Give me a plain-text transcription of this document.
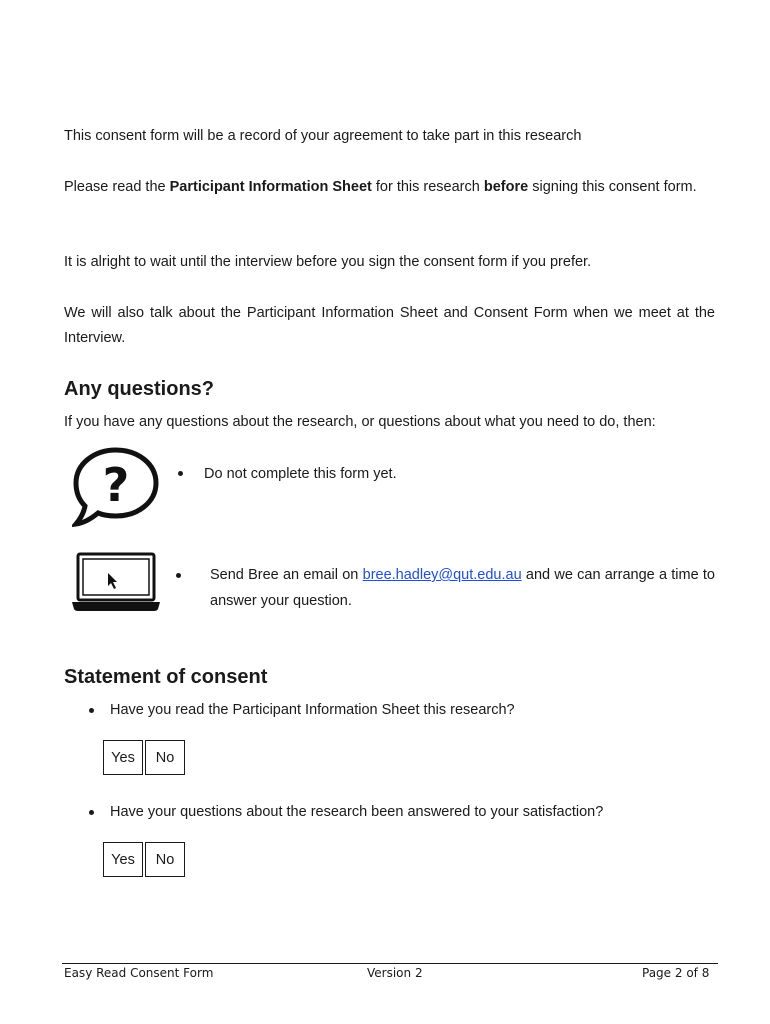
This consent form will be a record of your agreement to take part in this research

Please read the Participant Information Sheet for this research before signing this consent form.

It is alright to wait until the interview before you sign the consent form if you prefer.

We will also talk about the Participant Information Sheet and Consent Form when we meet at the Interview.

Any questions?

If you have any questions about the research, or questions about what you need to do, then:

?	Do not complete this form yet.

Send Bree an email on bree.hadley@qut.edu.au and we can arrange a time to answer your question.

Statement of consent

Have you read the Participant Information Sheet this research?

Yes	No

Have your questions about the research been answered to your satisfaction?

Yes	No
Easy Read Consent Form	Version 2	Page 2 of 8
